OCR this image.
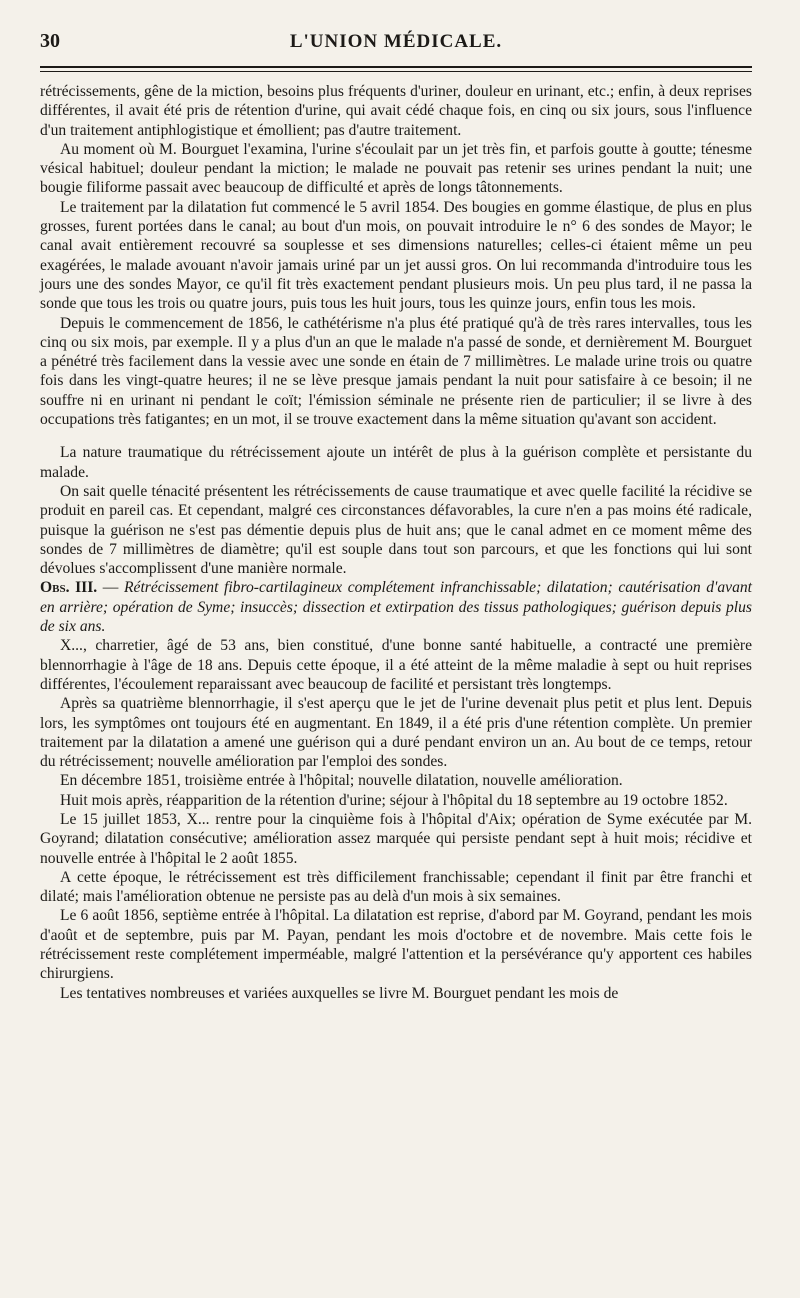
30	L'UNION MÉDICALE.

rétrécissements, gêne de la miction, besoins plus fréquents d'uriner, douleur en urinant, etc.; enfin, à deux reprises différentes, il avait été pris de rétention d'urine, qui avait cédé chaque fois, en cinq ou six jours, sous l'influence d'un traitement antiphlogistique et émollient; pas d'autre traitement.

Au moment où M. Bourguet l'examina, l'urine s'écoulait par un jet très fin, et parfois goutte à goutte; ténesme vésical habituel; douleur pendant la miction; le malade ne pouvait pas retenir ses urines pendant la nuit; une bougie filiforme passait avec beaucoup de difficulté et après de longs tâtonnements.

Le traitement par la dilatation fut commencé le 5 avril 1854. Des bougies en gomme élastique, de plus en plus grosses, furent portées dans le canal; au bout d'un mois, on pouvait introduire le n° 6 des sondes de Mayor; le canal avait entièrement recouvré sa souplesse et ses dimensions naturelles; celles-ci étaient même un peu exagérées, le malade avouant n'avoir jamais uriné par un jet aussi gros. On lui recommanda d'introduire tous les jours une des sondes Mayor, ce qu'il fit très exactement pendant plusieurs mois. Un peu plus tard, il ne passa la sonde que tous les trois ou quatre jours, puis tous les huit jours, tous les quinze jours, enfin tous les mois.

Depuis le commencement de 1856, le cathétérisme n'a plus été pratiqué qu'à de très rares intervalles, tous les cinq ou six mois, par exemple. Il y a plus d'un an que le malade n'a passé de sonde, et dernièrement M. Bourguet a pénétré très facilement dans la vessie avec une sonde en étain de 7 millimètres. Le malade urine trois ou quatre fois dans les vingt-quatre heures; il ne se lève presque jamais pendant la nuit pour satisfaire à ce besoin; il ne souffre ni en urinant ni pendant le coït; l'émission séminale ne présente rien de particulier; il se livre à des occupations très fatigantes; en un mot, il se trouve exactement dans la même situation qu'avant son accident.

La nature traumatique du rétrécissement ajoute un intérêt de plus à la guérison complète et persistante du malade.

On sait quelle ténacité présentent les rétrécissements de cause traumatique et avec quelle facilité la récidive se produit en pareil cas. Et cependant, malgré ces circonstances défavorables, la cure n'en a pas moins été radicale, puisque la guérison ne s'est pas démentie depuis plus de huit ans; que le canal admet en ce moment même des sondes de 7 millimètres de diamètre; qu'il est souple dans tout son parcours, et que les fonctions qui lui sont dévolues s'accomplissent d'une manière normale.

Obs. III. — Rétrécissement fibro-cartilagineux complétement infranchissable; dilatation; cautérisation d'avant en arrière; opération de Syme; insuccès; dissection et extirpation des tissus pathologiques; guérison depuis plus de six ans.

X..., charretier, âgé de 53 ans, bien constitué, d'une bonne santé habituelle, a contracté une première blennorrhagie à l'âge de 18 ans. Depuis cette époque, il a été atteint de la même maladie à sept ou huit reprises différentes, l'écoulement reparaissant avec beaucoup de facilité et persistant très longtemps.

Après sa quatrième blennorrhagie, il s'est aperçu que le jet de l'urine devenait plus petit et plus lent. Depuis lors, les symptômes ont toujours été en augmentant. En 1849, il a été pris d'une rétention complète. Un premier traitement par la dilatation a amené une guérison qui a duré pendant environ un an. Au bout de ce temps, retour du rétrécissement; nouvelle amélioration par l'emploi des sondes.

En décembre 1851, troisième entrée à l'hôpital; nouvelle dilatation, nouvelle amélioration.

Huit mois après, réapparition de la rétention d'urine; séjour à l'hôpital du 18 septembre au 19 octobre 1852.

Le 15 juillet 1853, X... rentre pour la cinquième fois à l'hôpital d'Aix; opération de Syme exécutée par M. Goyrand; dilatation consécutive; amélioration assez marquée qui persiste pendant sept à huit mois; récidive et nouvelle entrée à l'hôpital le 2 août 1855.

A cette époque, le rétrécissement est très difficilement franchissable; cependant il finit par être franchi et dilaté; mais l'amélioration obtenue ne persiste pas au delà d'un mois à six semaines.

Le 6 août 1856, septième entrée à l'hôpital. La dilatation est reprise, d'abord par M. Goyrand, pendant les mois d'août et de septembre, puis par M. Payan, pendant les mois d'octobre et de novembre. Mais cette fois le rétrécissement reste complétement imperméable, malgré l'attention et la persévérance qu'y apportent ces habiles chirurgiens.

Les tentatives nombreuses et variées auxquelles se livre M. Bourguet pendant les mois de
